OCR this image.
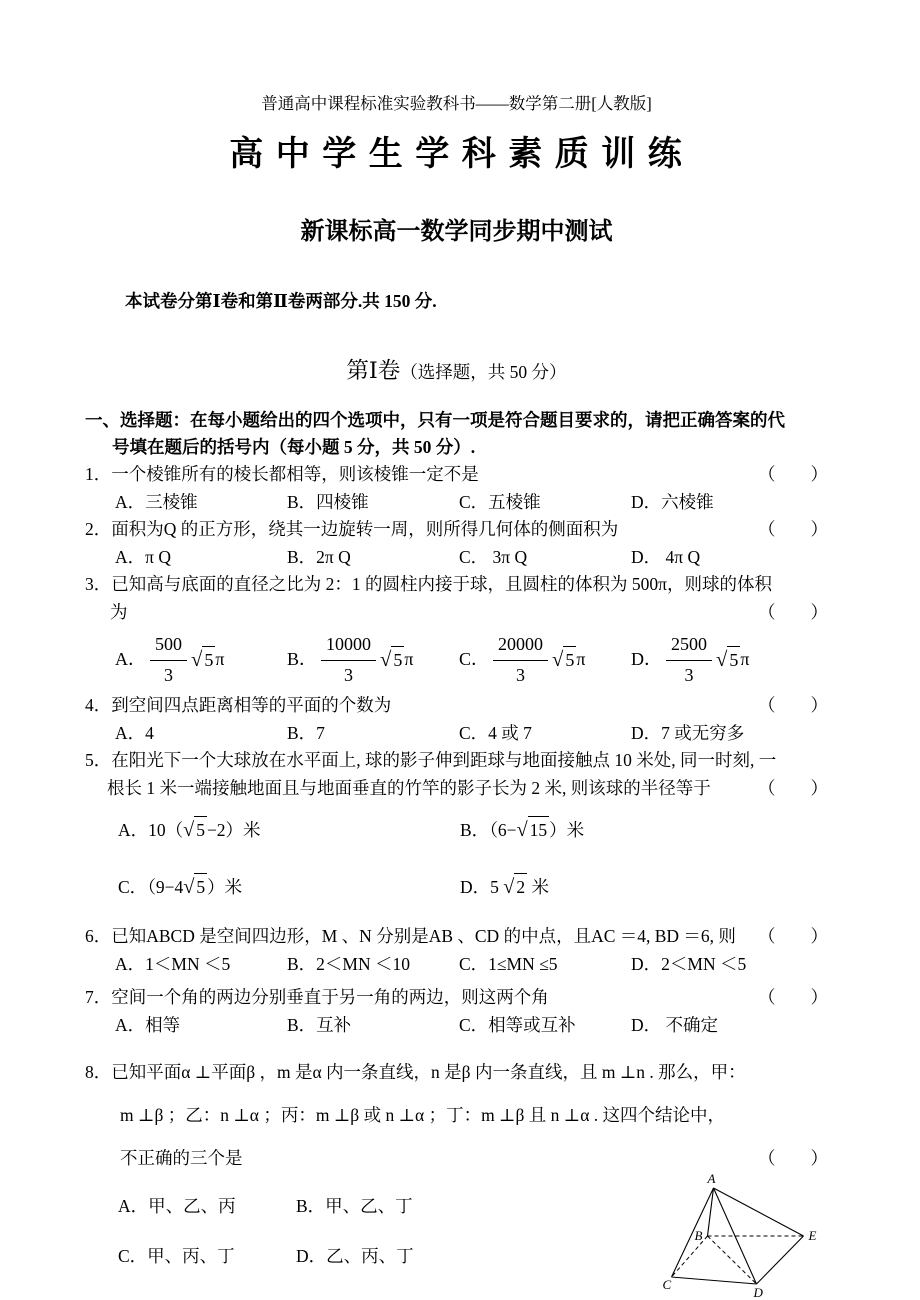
普通高中课程标准实验教科书——数学第二册[人教版]
高 中 学 生 学 科 素 质 训 练
新课标高一数学同步期中测试
本试卷分第Ⅰ卷和第Ⅱ卷两部分.共 150 分.
第Ⅰ卷（选择题，共 50 分）
一、选择题：在每小题给出的四个选项中，只有一项是符合题目要求的，请把正确答案的代
号填在题后的括号内（每小题 5 分，共 50 分）.
1．一个棱锥所有的棱长都相等，则该棱锥一定不是	（　　）
A．三棱锥	B．四棱锥	C．五棱锥	D．六棱锥
2．面积为Q 的正方形，绕其一边旋转一周，则所得几何体的侧面积为	（　　）
A．π Q	B．2π Q	C． 3π Q	D． 4π Q
3．已知高与底面的直径之比为 2：1 的圆柱内接于球，且圆柱的体积为 500π，则球的体积
为	（　　）
A． $\frac{500}{3}$ √ 5 π	B． $\frac{10000}{3}$ √ 5 π	C． $\frac{20000}{3}$ √ 5 π	D． $\frac{2500}{3}$ √ 5 π
4．到空间四点距离相等的平面的个数为	（　　）
A．4	B．7	C．4 或 7	D．7 或无穷多
5．在阳光下一个大球放在水平面上, 球的影子伸到距球与地面接触点 10 米处, 同一时刻, 一
根长 1 米一端接触地面且与地面垂直的竹竿的影子长为 2 米, 则该球的半径等于	（　　）
A．10（ √ 5 −2）米	B．（6− √ 15 ）米
C．（9−4 √ 5 ）米	D．5 √ 2 米
6．已知ABCD 是空间四边形，M 、N 分别是AB 、CD 的中点，且AC ＝4, BD ＝6, 则 （　　）
A．1＜MN ＜5	B．2＜MN ＜10	C．1≤MN ≤5	D．2＜MN ＜5
7．空间一个角的两边分别垂直于另一角的两边，则这两个角	（　　）
A．相等	B．互补	C．相等或互补	D． 不确定
8．已知平面α ⊥平面β ，m 是α 内一条直线，n 是β 内一条直线，且 m ⊥n . 那么，甲：
m ⊥β ；乙：n ⊥α ；丙：m ⊥β 或 n ⊥α ；丁：m ⊥β 且 n ⊥α . 这四个结论中，
不正确的三个是	（　　）
A．甲、乙、丙	B．甲、乙、丁
C．甲、丙、丁	D．乙、丙、丁
A
B
C
D
E
